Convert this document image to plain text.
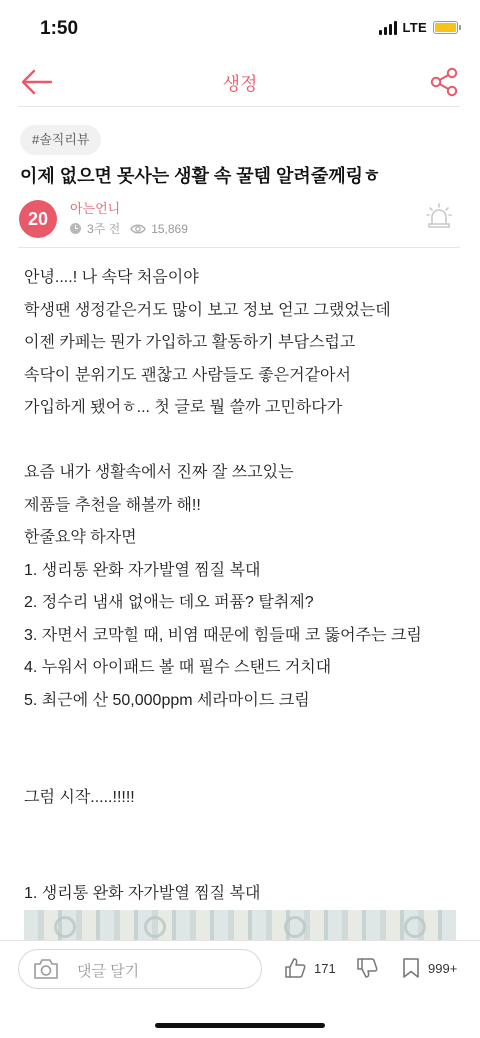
1:50	LTE
생정
#솔직리뷰
이제 없으면 못사는 생활 속 꿀템 알려줄께링ㅎ
20
아는언니
3주 전	15,869
안녕....! 나 속닥 처음이야
학생땐 생정같은거도 많이 보고 정보 얻고 그랬었는데
이젠 카페는 뭔가 가입하고 활동하기 부담스럽고
속닥이 분위기도 괜찮고 사람들도 좋은거같아서
가입하게 됐어ㅎ... 첫 글로 뭘 쓸까 고민하다가
요즘 내가 생활속에서 진짜 잘 쓰고있는
제품들 추천을 해볼까 해!!
한줄요약 하자면
1. 생리통 완화 자가발열 찜질 복대
2. 정수리 냄새 없애는 데오 퍼퓸? 탈취제?
3. 자면서 코막힐 때, 비염 때문에 힘들때 코 뚫어주는 크림
4. 누워서 아이패드 볼 때 필수 스탠드 거치대
5. 최근에 산 50,000ppm 세라마이드 크림
그럼 시작.....!!!!!
1. 생리통 완화 자가발열 찜질 복대
댓글 달기	171	999+
